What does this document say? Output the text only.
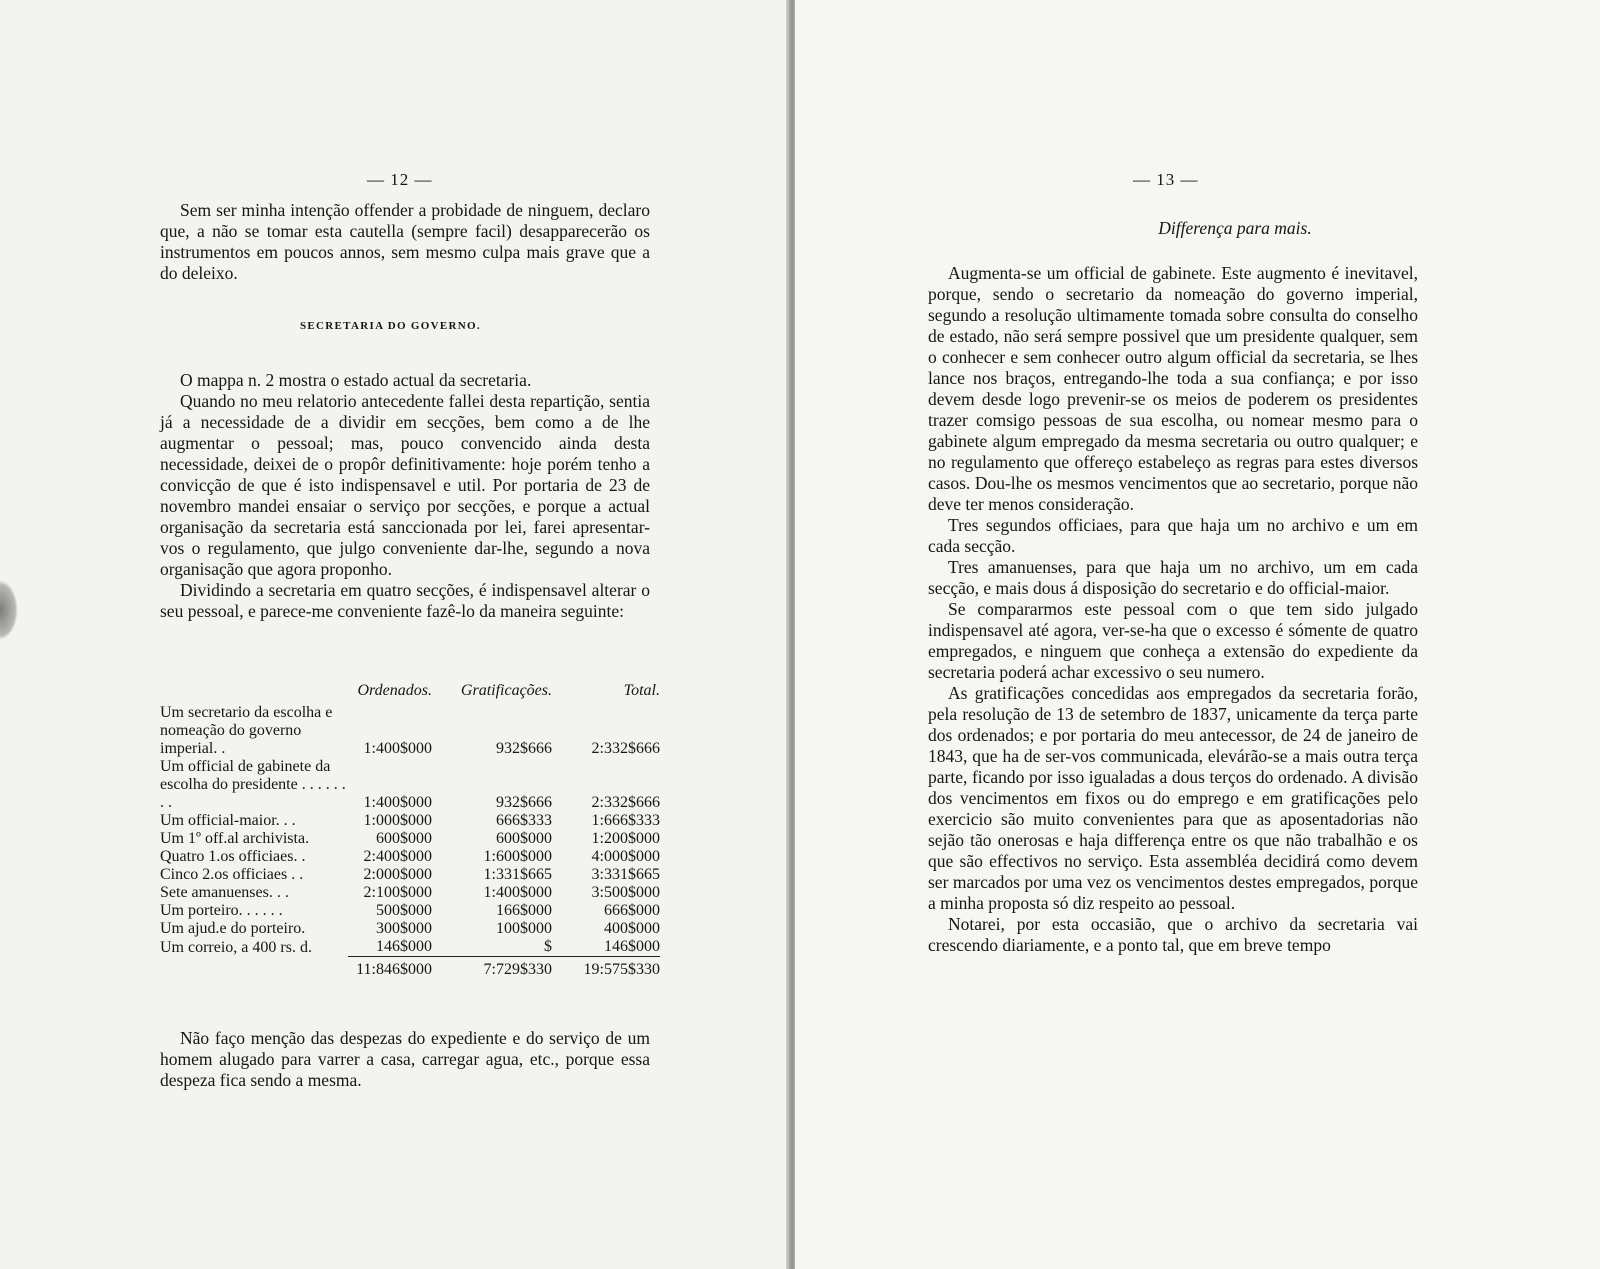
— 12 —

Sem ser minha intenção offender a probidade de ninguem, declaro que, a não se tomar esta cautella (sempre facil) desapparecerão os instrumentos em poucos annos, sem mesmo culpa mais grave que a do deleixo.

SECRETARIA DO GOVERNO.

O mappa n. 2 mostra o estado actual da secretaria.

Quando no meu relatorio antecedente fallei desta repartição, sentia já a necessidade de a dividir em secções, bem como a de lhe augmentar o pessoal; mas, pouco convencido ainda desta necessidade, deixei de o propôr definitivamente: hoje porém tenho a convicção de que é isto indispensavel e util. Por portaria de 23 de novembro mandei ensaiar o serviço por secções, e porque a actual organisação da secretaria está sanccionada por lei, farei apresentar-vos o regulamento, que julgo conveniente dar-lhe, segundo a nova organisação que agora proponho.

Dividindo a secretaria em quatro secções, é indispensavel alterar o seu pessoal, e parece-me conveniente fazê-lo da maneira seguinte:

	Ordenados.	Gratificações.	Total.
Um secretario da escolha e nomeação do governo imperial. .	1:400$000	932$666	2:332$666
Um official de gabinete da escolha do presidente . . . . . . . .	1:400$000	932$666	2:332$666
Um official-maior. . .	1:000$000	666$333	1:666$333
Um 1º off.al archivista.	600$000	600$000	1:200$000
Quatro 1.os officiaes. .	2:400$000	1:600$000	4:000$000
Cinco 2.os officiaes . .	2:000$000	1:331$665	3:331$665
Sete amanuenses. . .	2:100$000	1:400$000	3:500$000
Um porteiro. . . . . .	500$000	166$000	666$000
Um ajud.e do porteiro.	300$000	100$000	400$000
Um correio, a 400 rs. d.	146$000	$	146$000
	11:846$000	7:729$330	19:575$330

Não faço menção das despezas do expediente e do serviço de um homem alugado para varrer a casa, carregar agua, etc., porque essa despeza fica sendo a mesma.

— 13 —
Differença para mais.

Augmenta-se um official de gabinete. Este augmento é inevitavel, porque, sendo o secretario da nomeação do governo imperial, segundo a resolução ultimamente tomada sobre consulta do conselho de estado, não será sempre possivel que um presidente qualquer, sem o conhecer e sem conhecer outro algum official da secretaria, se lhes lance nos braços, entregando-lhe toda a sua confiança; e por isso devem desde logo prevenir-se os meios de poderem os presidentes trazer comsigo pessoas de sua escolha, ou nomear mesmo para o gabinete algum empregado da mesma secretaria ou outro qualquer; e no regulamento que offereço estabeleço as regras para estes diversos casos. Dou-lhe os mesmos vencimentos que ao secretario, porque não deve ter menos consideração.

Tres segundos officiaes, para que haja um no archivo e um em cada secção.

Tres amanuenses, para que haja um no archivo, um em cada secção, e mais dous á disposição do secretario e do official-maior.

Se compararmos este pessoal com o que tem sido julgado indispensavel até agora, ver-se-ha que o excesso é sómente de quatro empregados, e ninguem que conheça a extensão do expediente da secretaria poderá achar excessivo o seu numero.

As gratificações concedidas aos empregados da secretaria forão, pela resolução de 13 de setembro de 1837, unicamente da terça parte dos ordenados; e por portaria do meu antecessor, de 24 de janeiro de 1843, que ha de ser-vos communicada, elevárão-se a mais outra terça parte, ficando por isso igualadas a dous terços do ordenado. A divisão dos vencimentos em fixos ou do emprego e em gratificações pelo exercicio são muito convenientes para que as aposentadorias não sejão tão onerosas e haja differença entre os que não trabalhão e os que são effectivos no serviço. Esta assembléa decidirá como devem ser marcados por uma vez os vencimentos destes empregados, porque a minha proposta só diz respeito ao pessoal.

Notarei, por esta occasião, que o archivo da secretaria vai crescendo diariamente, e a ponto tal, que em breve tempo
